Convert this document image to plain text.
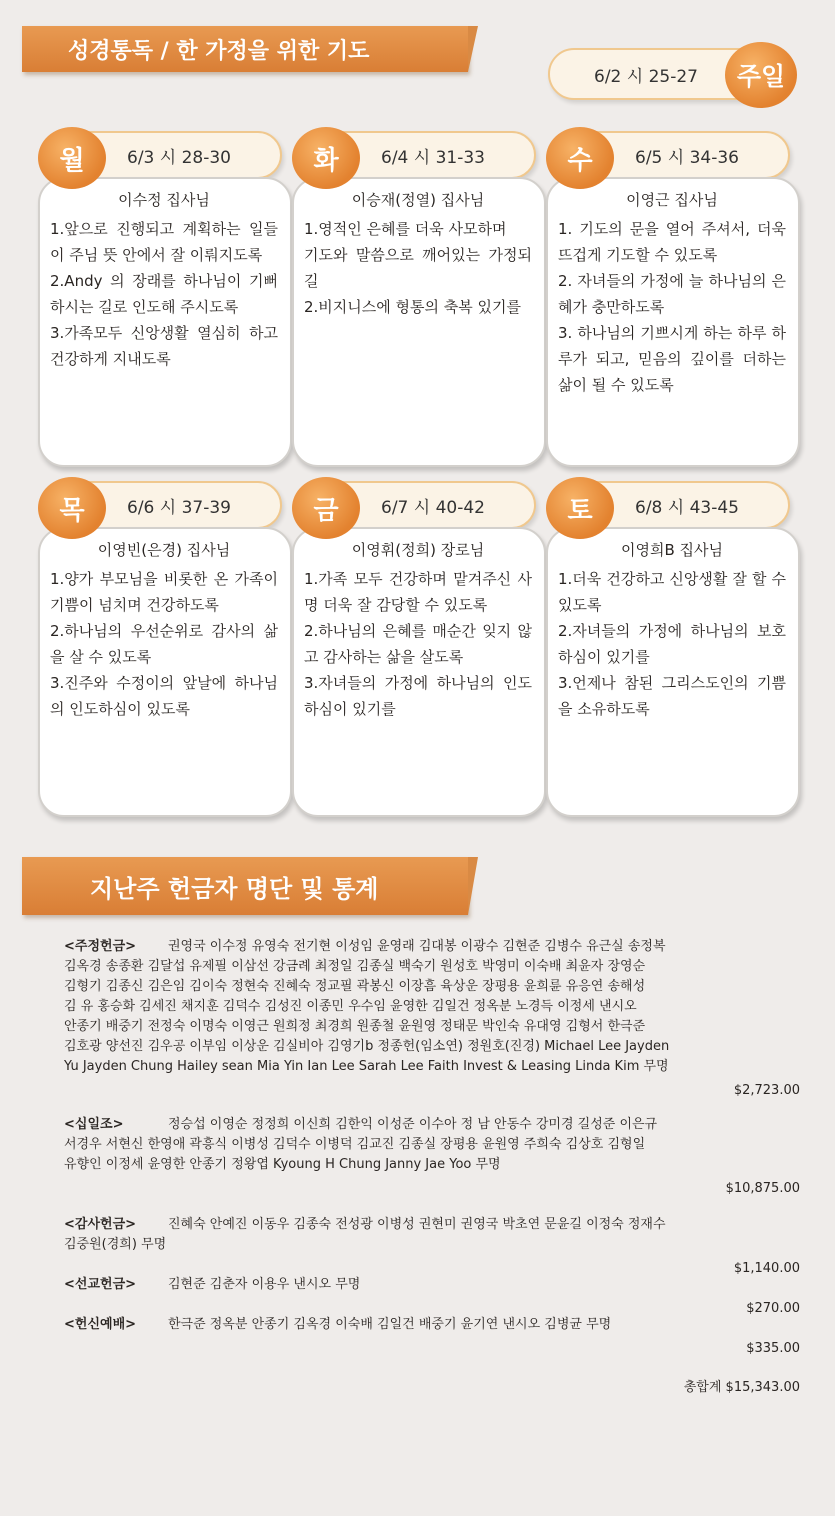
성경통독 / 한 가정을 위한 기도
6/2 시 25-27 주일
6/3 시 28-30
월
이수정 집사님
1.앞으로 진행되고 계획하는 일들이 주님 뜻 안에서 잘 이뤄지도록
2.Andy 의 장래를 하나님이 기뻐하시는 길로 인도해 주시도록
3.가족모두 신앙생활 열심히 하고 건강하게 지내도록
6/4 시 31-33
화
이승재(정열) 집사님
1.영적인 은혜를 더욱 사모하며
기도와 말씀으로 깨어있는 가정되길
2.비지니스에 형통의 축복 있기를
6/5 시 34-36
수
이영근 집사님
1. 기도의 문을 열어 주셔서, 더욱 뜨겁게 기도할 수 있도록
2. 자녀들의 가정에 늘 하나님의 은혜가 충만하도록
3. 하나님의 기쁘시게 하는 하루 하루가 되고, 믿음의 깊이를 더하는 삶이 될 수 있도록
6/6 시 37-39
목
이영빈(은경) 집사님
1.양가 부모님을 비롯한 온 가족이 기쁨이 넘치며 건강하도록
2.하나님의 우선순위로 감사의 삶을 살 수 있도록
3.진주와 수정이의 앞날에 하나님의 인도하심이 있도록
6/7 시 40-42
금
이영휘(정희) 장로님
1.가족 모두 건강하며 맡겨주신 사명 더욱 잘 감당할 수 있도록
2.하나님의 은혜를 매순간 잊지 않고 감사하는 삶을 살도록
3.자녀들의 가정에 하나님의 인도하심이 있기를
6/8 시 43-45
토
이영희B 집사님
1.더욱 건강하고 신앙생활 잘 할 수 있도록
2.자녀들의 가정에 하나님의 보호하심이 있기를
3.언제나 참된 그리스도인의 기쁨을 소유하도록
지난주 헌금자 명단 및 통계
<주정헌금> 권영국 이수정 유영숙 전기현 이성임 윤영래 김대봉 이광수 김현준 김병수 유근실 송정복
김옥경 송종환 김달섭 유제필 이삼선 강금례 최정일 김종실 백숙기 원성호 박영미 이숙배 최윤자 장영순
김형기 김종신 김은임 김이숙 정현숙 진혜숙 정교필 곽봉신 이장흠 육상운 장평용 윤희륜 유응연 송해성
김 유 홍승화 김세진 채지훈 김덕수 김성진 이종민 우수임 윤영한 김일건 정옥분 노경득 이정세 낸시오
안종기 배중기 전정숙 이명숙 이영근 원희정 최경희 원종철 윤원영 정태문 박인숙 유대영 김형서 한극준
김호광 양선진 김우공 이부임 이상운 김실비아 김영기b 정종헌(임소연) 정원호(진경) Michael Lee Jayden
Yu Jayden Chung Hailey sean Mia Yin Ian Lee Sarah Lee Faith Invest & Leasing Linda Kim 무명
$2,723.00
<십일조>	정승섭 이영순 정정희 이신희 김한익 이성준 이수아 정 남 안동수 강미경 길성준 이은규
서경우 서현신 한영애 곽흥식 이병성 김덕수 이병덕 김교진 김종실 장평용 윤원영 주희숙 김상호 김형일
유향인 이정세 윤영한 안종기 정왕엽 Kyoung H Chung Janny Jae Yoo 무명
$10,875.00
<감사헌금> 진혜숙 안예진 이동우 김종숙 전성광 이병성 권현미 권영국 박초연 문윤길 이정숙 정재수
김중원(경희) 무명
$1,140.00
<선교헌금> 김현준 김춘자 이용우 낸시오 무명
$270.00
<헌신예배> 한극준 정옥분 안종기 김옥경 이숙배 김일건 배중기 윤기연 낸시오 김병균 무명
$335.00
총합계 $15,343.00
